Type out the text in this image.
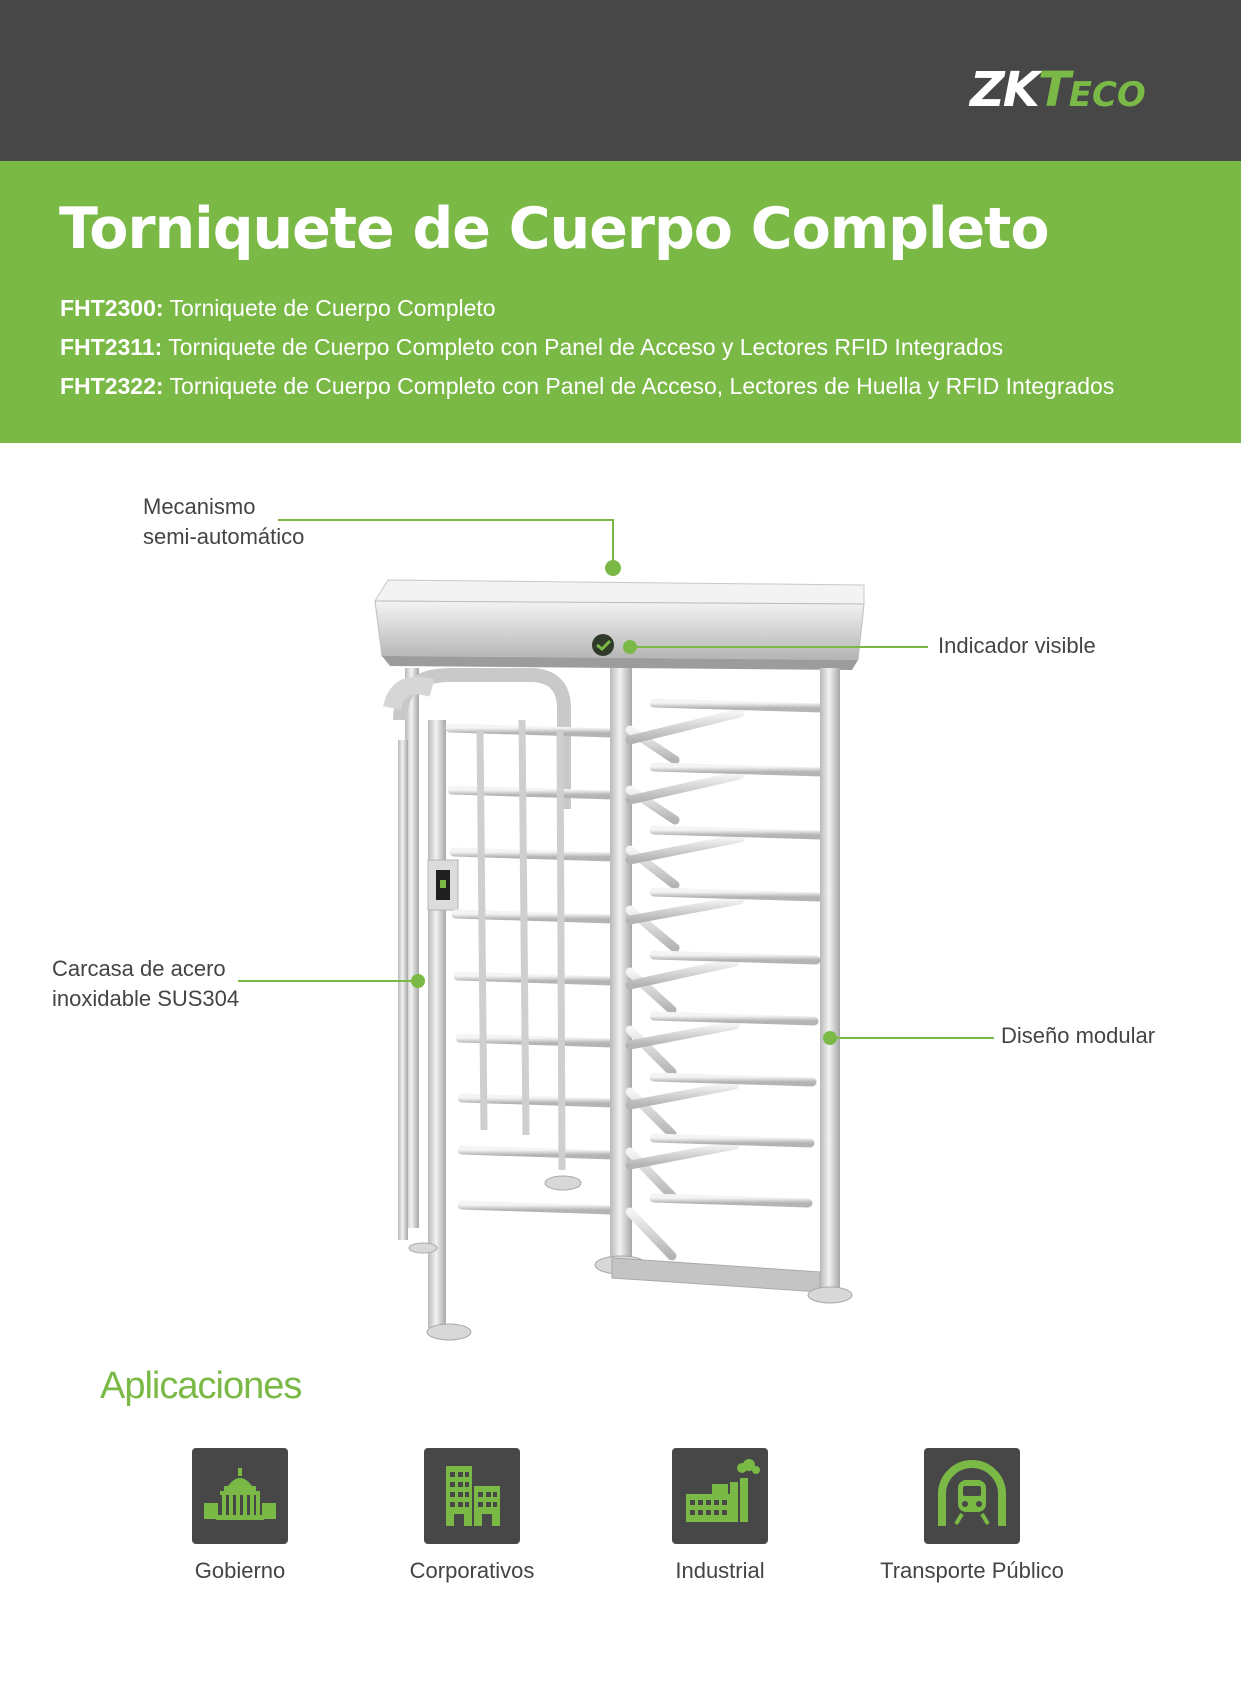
ZKTECO
Torniquete de Cuerpo Completo
FHT2300: Torniquete de Cuerpo Completo
FHT2311: Torniquete de Cuerpo Completo con Panel de Acceso y Lectores RFID Integrados
FHT2322: Torniquete de Cuerpo Completo con Panel de Acceso, Lectores de Huella y RFID Integrados
Mecanismo
semi-automático
Indicador visible
Carcasa de acero
inoxidable SUS304
Diseño modular
Aplicaciones
Gobierno	Corporativos	Industrial	Transporte Público
